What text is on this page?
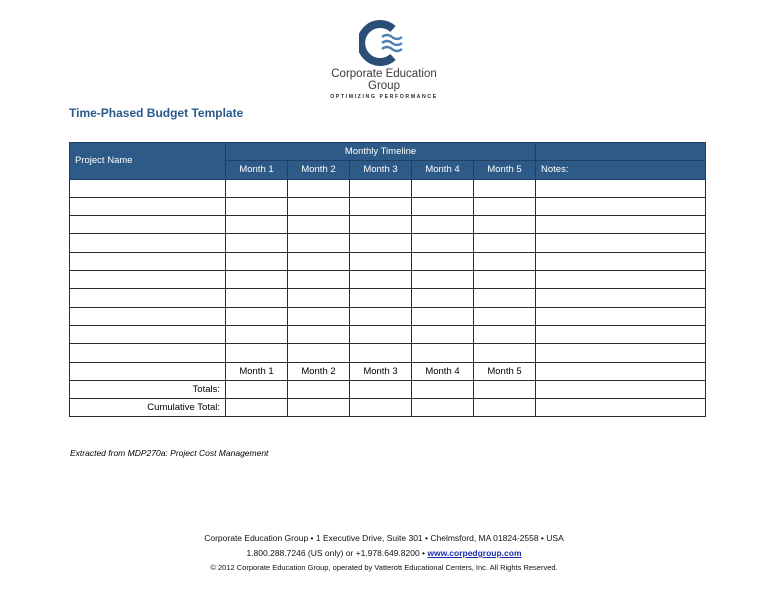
Corporate Education Group
OPTIMIZING PERFORMANCE
Time-Phased Budget Template
Project Name	Monthly Timeline					
	Month 1	Month 2	Month 3	Month 4	Month 5	Notes:

	Month 1	Month 2	Month 3	Month 4	Month 5	
Totals:						
Cumulative Total:						
Extracted from MDP270a: Project Cost Management
Corporate Education Group • 1 Executive Drive, Suite 301 • Chelmsford, MA 01824-2558 • USA
1.800.288.7246 (US only) or +1.978.649.8200 • www.corpedgroup.com
© 2012 Corporate Education Group, operated by Vatterott Educational Centers, Inc. All Rights Reserved.
